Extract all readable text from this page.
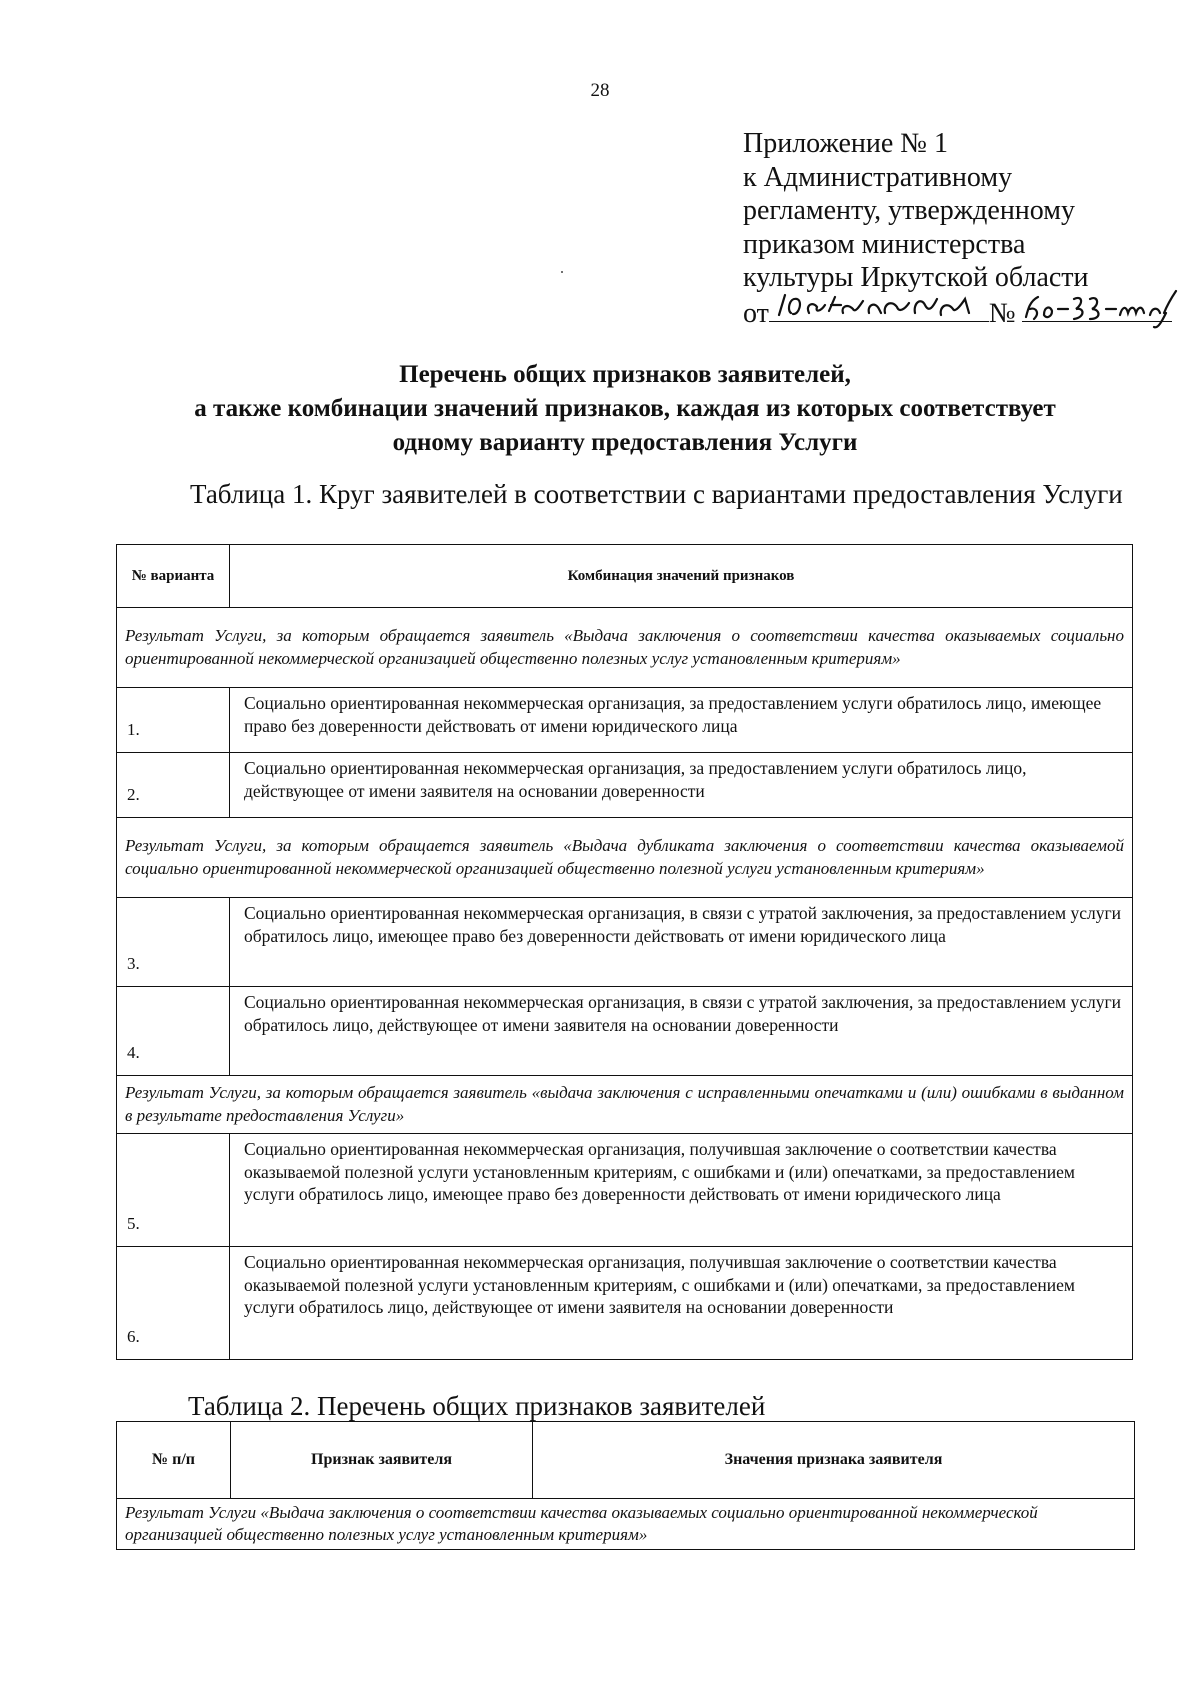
28
Приложение № 1
к Административному
регламенту, утвержденному
приказом министерства
культуры Иркутской области
от	№
Перечень общих признаков заявителей,
а также комбинации значений признаков, каждая из которых соответствует
одному варианту предоставления Услуги
Таблица 1. Круг заявителей в соответствии с вариантами предоставления Услуги
№ варианта	Комбинация значений признаков
Результат Услуги, за которым обращается заявитель «Выдача заключения о соответствии качества оказываемых социально ориентированной некоммерческой организацией общественно полезных услуг установленным критериям»	
1.	Социально ориентированная некоммерческая организация, за предоставлением услуги обратилось лицо, имеющее право без доверенности действовать от имени юридического лица
2.	Социально ориентированная некоммерческая организация, за предоставлением услуги обратилось лицо, действующее от имени заявителя на основании доверенности
Результат Услуги, за которым обращается заявитель «Выдача дубликата заключения о соответствии качества оказываемой социально ориентированной некоммерческой организацией общественно полезной услуги установленным критериям»	
3.	Социально ориентированная некоммерческая организация, в связи с утратой заключения, за предоставлением услуги обратилось лицо, имеющее право без доверенности действовать от имени юридического лица
4.	Социально ориентированная некоммерческая организация, в связи с утратой заключения, за предоставлением услуги обратилось лицо, действующее от имени заявителя на основании доверенности
Результат Услуги, за которым обращается заявитель «выдача заключения с исправленными опечатками и (или) ошибками в выданном в результате предоставления Услуги»	
5.	Социально ориентированная некоммерческая организация, получившая заключение о соответствии качества оказываемой полезной услуги установленным критериям, с ошибками и (или) опечатками, за предоставлением услуги обратилось лицо, имеющее право без доверенности действовать от имени юридического лица
6.	Социально ориентированная некоммерческая организация, получившая заключение о соответствии качества оказываемой полезной услуги установленным критериям, с ошибками и (или) опечатками, за предоставлением услуги обратилось лицо, действующее от имени заявителя на основании доверенности
Таблица 2. Перечень общих признаков заявителей
№ п/п	Признак заявителя	Значения признака заявителя
Результат Услуги «Выдача заключения о соответствии качества оказываемых социально ориентированной некоммерческой организацией общественно полезных услуг установленным критериям»
